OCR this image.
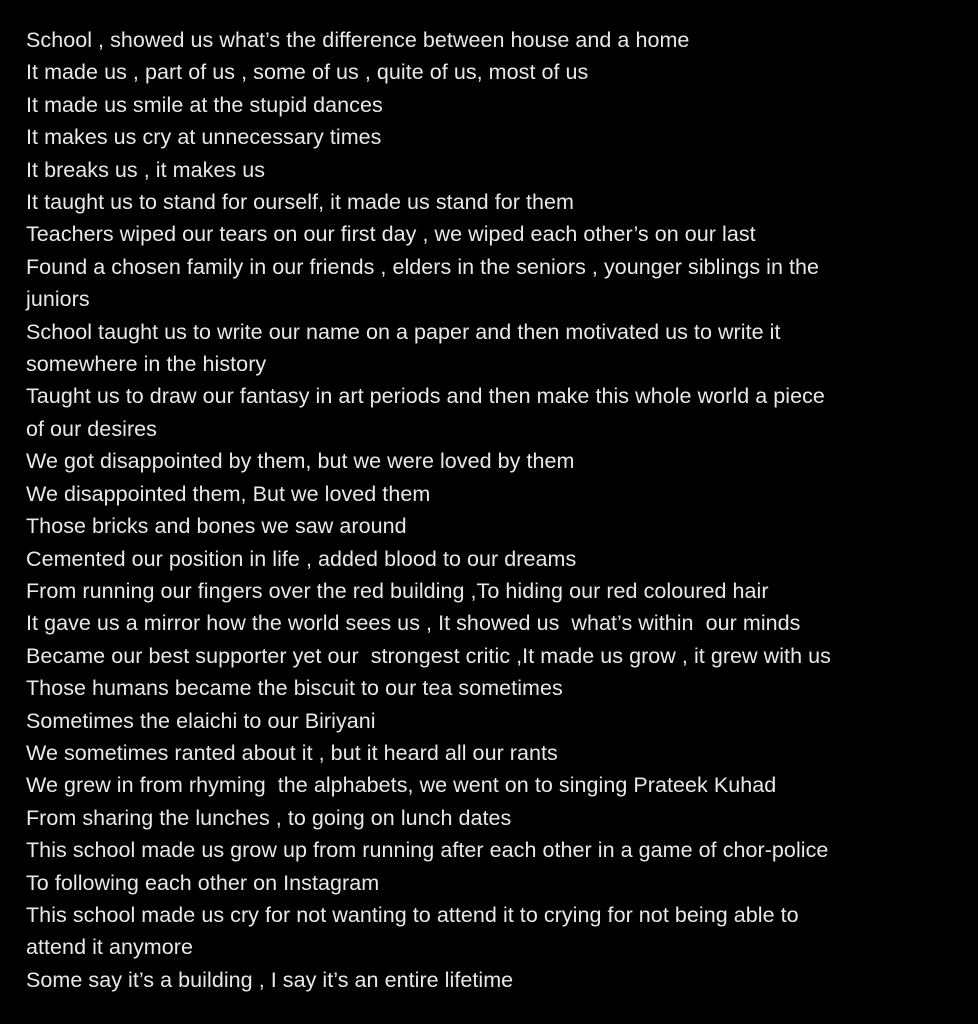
School , showed us what’s the difference between house and a home
It made us , part of us , some of us , quite of us, most of us
It made us smile at the stupid dances
It makes us cry at unnecessary times
It breaks us , it makes us
It taught us to stand for ourself, it made us stand for them
Teachers wiped our tears on our first day , we wiped each other’s on our last
Found a chosen family in our friends , elders in the seniors , younger siblings in the
juniors
School taught us to write our name on a paper and then motivated us to write it
somewhere in the history
Taught us to draw our fantasy in art periods and then make this whole world a piece
of our desires
We got disappointed by them, but we were loved by them
We disappointed them, But we loved them
Those bricks and bones we saw around
Cemented our position in life , added blood to our dreams
From running our fingers over the red building ,To hiding our red coloured hair
It gave us a mirror how the world sees us , It showed us  what’s within  our minds
Became our best supporter yet our  strongest critic ,It made us grow , it grew with us
Those humans became the biscuit to our tea sometimes
Sometimes the elaichi to our Biriyani
We sometimes ranted about it , but it heard all our rants
We grew in from rhyming  the alphabets, we went on to singing Prateek Kuhad
From sharing the lunches , to going on lunch dates
This school made us grow up from running after each other in a game of chor-police
To following each other on Instagram
This school made us cry for not wanting to attend it to crying for not being able to
attend it anymore
Some say it’s a building , I say it’s an entire lifetime
